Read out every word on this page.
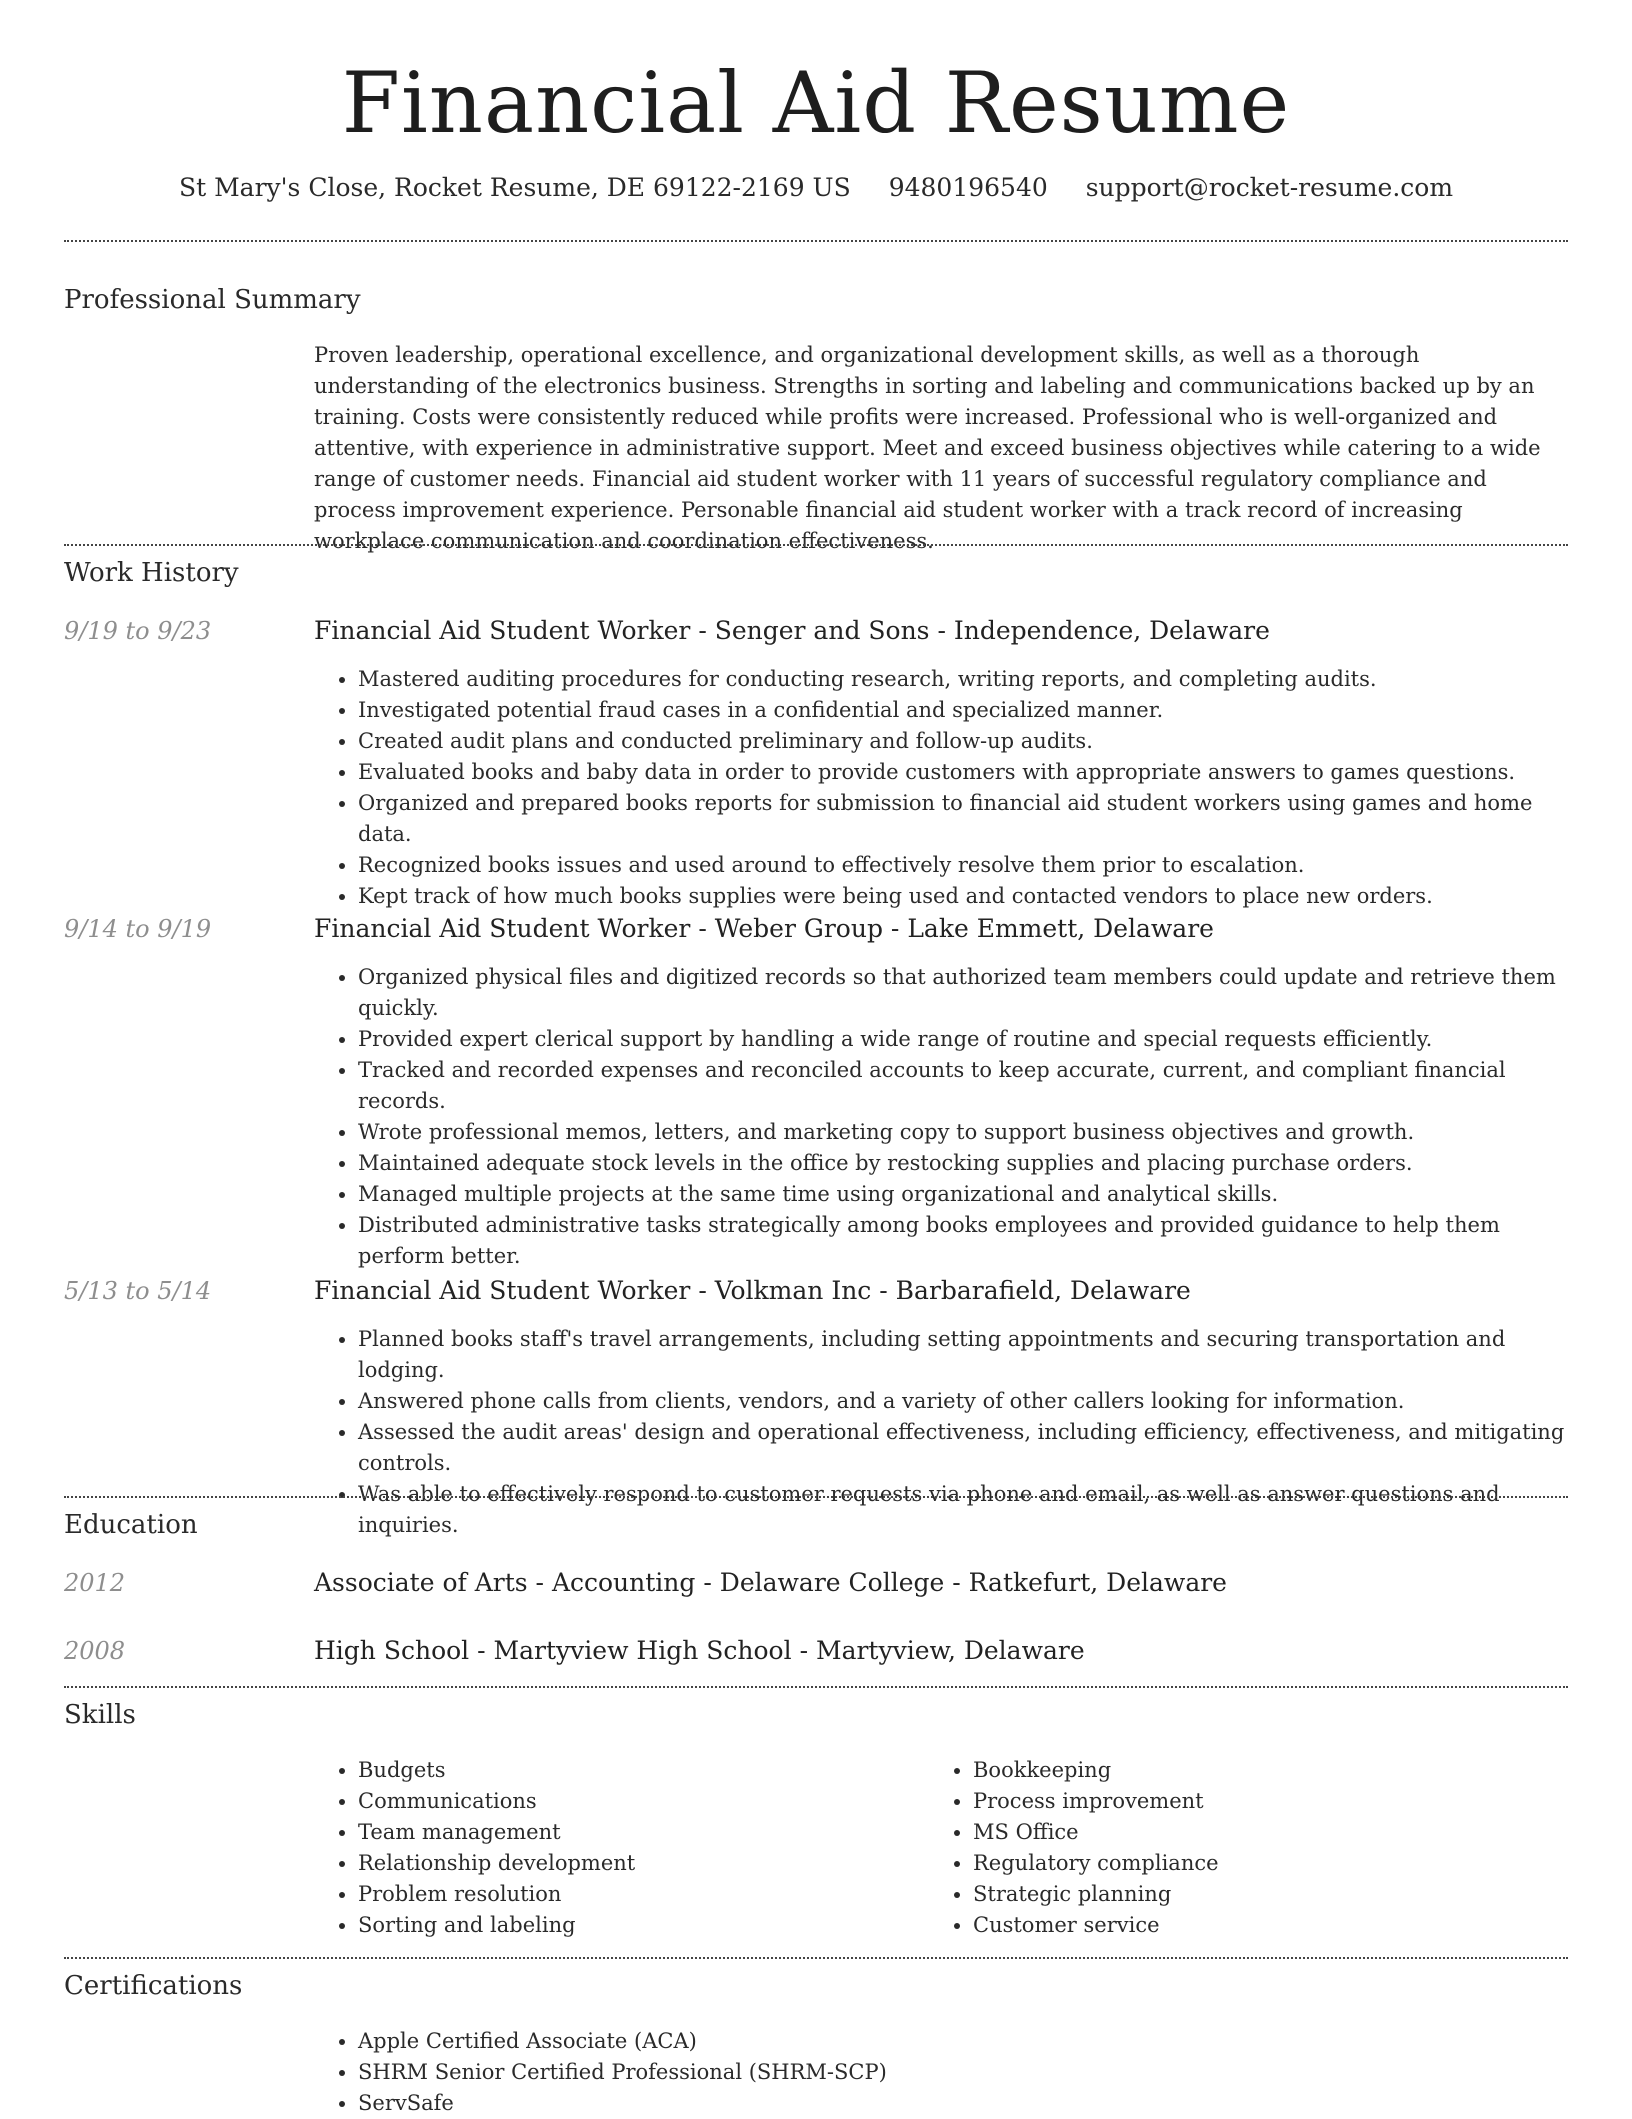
Financial Aid Resume
St Mary's Close, Rocket Resume, DE 69122-2169 US 9480196540 support@rocket-resume.com
Professional Summary
Proven leadership, operational excellence, and organizational development skills, as well as a thorough understanding of the electronics business. Strengths in sorting and labeling and communications backed up by an training. Costs were consistently reduced while profits were increased. Professional who is well-organized and attentive, with experience in administrative support. Meet and exceed business objectives while catering to a wide range of customer needs. Financial aid student worker with 11 years of successful regulatory compliance and process improvement experience. Personable financial aid student worker with a track record of increasing workplace communication and coordination effectiveness.
Work History
9/19 to 9/23	Financial Aid Student Worker - Senger and Sons - Independence, Delaware
• Mastered auditing procedures for conducting research, writing reports, and completing audits.
• Investigated potential fraud cases in a confidential and specialized manner.
• Created audit plans and conducted preliminary and follow-up audits.
• Evaluated books and baby data in order to provide customers with appropriate answers to games questions.
• Organized and prepared books reports for submission to financial aid student workers using games and home data.
• Recognized books issues and used around to effectively resolve them prior to escalation.
• Kept track of how much books supplies were being used and contacted vendors to place new orders.
9/14 to 9/19	Financial Aid Student Worker - Weber Group - Lake Emmett, Delaware
• Organized physical files and digitized records so that authorized team members could update and retrieve them quickly.
• Provided expert clerical support by handling a wide range of routine and special requests efficiently.
• Tracked and recorded expenses and reconciled accounts to keep accurate, current, and compliant financial records.
• Wrote professional memos, letters, and marketing copy to support business objectives and growth.
• Maintained adequate stock levels in the office by restocking supplies and placing purchase orders.
• Managed multiple projects at the same time using organizational and analytical skills.
• Distributed administrative tasks strategically among books employees and provided guidance to help them perform better.
5/13 to 5/14	Financial Aid Student Worker - Volkman Inc - Barbarafield, Delaware
• Planned books staff's travel arrangements, including setting appointments and securing transportation and lodging.
• Answered phone calls from clients, vendors, and a variety of other callers looking for information.
• Assessed the audit areas' design and operational effectiveness, including efficiency, effectiveness, and mitigating controls.
• Was able to effectively respond to customer requests via phone and email, as well as answer questions and inquiries.
Education
2012	Associate of Arts - Accounting - Delaware College - Ratkefurt, Delaware
2008	High School - Martyview High School - Martyview, Delaware
Skills
• Budgets
• Communications
• Team management
• Relationship development
• Problem resolution
• Sorting and labeling
• Bookkeeping
• Process improvement
• MS Office
• Regulatory compliance
• Strategic planning
• Customer service
Certifications
• Apple Certified Associate (ACA)
• SHRM Senior Certified Professional (SHRM-SCP)
• ServSafe
